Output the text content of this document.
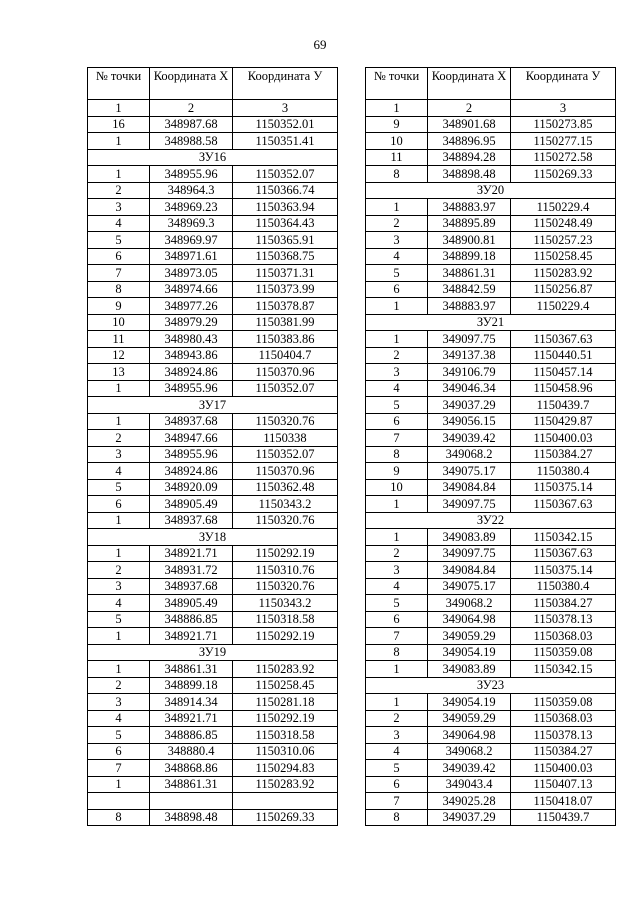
69
№ точки	Координата Х	Координата У
1	2	3
16	348987.68	1150352.01
1	348988.58	1150351.41
ЗУ16		
1	348955.96	1150352.07
2	348964.3	1150366.74
3	348969.23	1150363.94
4	348969.3	1150364.43
5	348969.97	1150365.91
6	348971.61	1150368.75
7	348973.05	1150371.31
8	348974.66	1150373.99
9	348977.26	1150378.87
10	348979.29	1150381.99
11	348980.43	1150383.86
12	348943.86	1150404.7
13	348924.86	1150370.96
1	348955.96	1150352.07
ЗУ17		
1	348937.68	1150320.76
2	348947.66	1150338
3	348955.96	1150352.07
4	348924.86	1150370.96
5	348920.09	1150362.48
6	348905.49	1150343.2
1	348937.68	1150320.76
ЗУ18		
1	348921.71	1150292.19
2	348931.72	1150310.76
3	348937.68	1150320.76
4	348905.49	1150343.2
5	348886.85	1150318.58
1	348921.71	1150292.19
ЗУ19		
1	348861.31	1150283.92
2	348899.18	1150258.45
3	348914.34	1150281.18
4	348921.71	1150292.19
5	348886.85	1150318.58
6	348880.4	1150310.06
7	348868.86	1150294.83
1	348861.31	1150283.92

8	348898.48	1150269.33
№ точки	Координата Х	Координата У
1	2	3
9	348901.68	1150273.85
10	348896.95	1150277.15
11	348894.28	1150272.58
8	348898.48	1150269.33
ЗУ20		
1	348883.97	1150229.4
2	348895.89	1150248.49
3	348900.81	1150257.23
4	348899.18	1150258.45
5	348861.31	1150283.92
6	348842.59	1150256.87
1	348883.97	1150229.4
ЗУ21		
1	349097.75	1150367.63
2	349137.38	1150440.51
3	349106.79	1150457.14
4	349046.34	1150458.96
5	349037.29	1150439.7
6	349056.15	1150429.87
7	349039.42	1150400.03
8	349068.2	1150384.27
9	349075.17	1150380.4
10	349084.84	1150375.14
1	349097.75	1150367.63
ЗУ22		
1	349083.89	1150342.15
2	349097.75	1150367.63
3	349084.84	1150375.14
4	349075.17	1150380.4
5	349068.2	1150384.27
6	349064.98	1150378.13
7	349059.29	1150368.03
8	349054.19	1150359.08
1	349083.89	1150342.15
ЗУ23		
1	349054.19	1150359.08
2	349059.29	1150368.03
3	349064.98	1150378.13
4	349068.2	1150384.27
5	349039.42	1150400.03
6	349043.4	1150407.13
7	349025.28	1150418.07
8	349037.29	1150439.7
